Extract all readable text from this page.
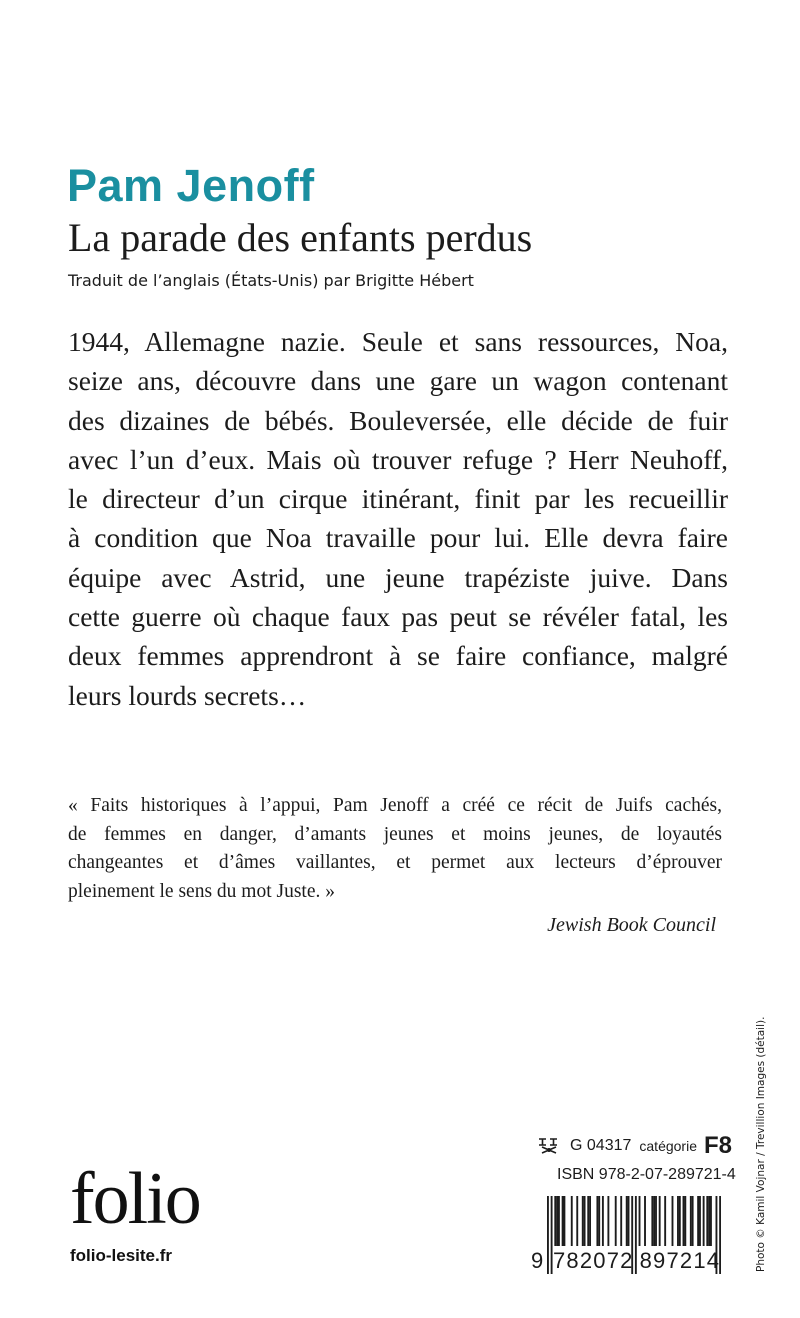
Pam Jenoff
La parade des enfants perdus
Traduit de l’anglais (États-Unis) par Brigitte Hébert
1944, Allemagne nazie. Seule et sans ressources, Noa,
seize ans, découvre dans une gare un wagon contenant
des dizaines de bébés. Bouleversée, elle décide de fuir
avec l’un d’eux. Mais où trouver refuge ? Herr Neuhoff,
le directeur d’un cirque itinérant, finit par les recueillir
à condition que Noa travaille pour lui. Elle devra faire
équipe avec Astrid, une jeune trapéziste juive. Dans
cette guerre où chaque faux pas peut se révéler fatal, les
deux femmes apprendront à se faire confiance, malgré
leurs lourds secrets…
« Faits historiques à l’appui, Pam Jenoff a créé ce récit de Juifs cachés,
de femmes en danger, d’amants jeunes et moins jeunes, de loyautés
changeantes et d’âmes vaillantes, et permet aux lecteurs d’éprouver
pleinement le sens du mot Juste. »
Jewish Book Council
Photo © Kamil Vojnar / Trevillion Images (détail).
G 04317 catégorie F8
ISBN 978-2-07-289721-4
9 782072 897214
folio
folio-lesite.fr
